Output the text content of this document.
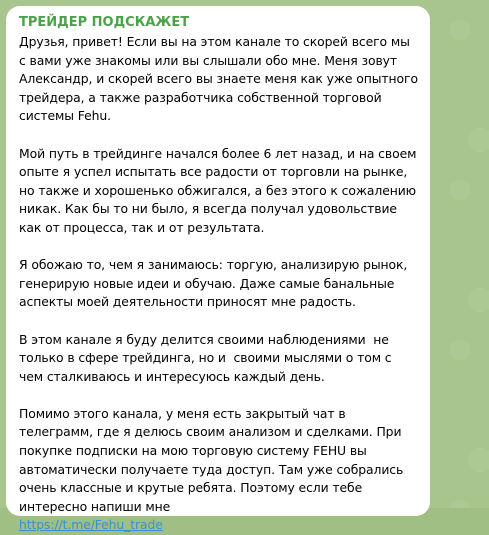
ТРЕЙДЕР ПОДСКАЖЕТ

Друзья, привет! Если вы на этом канале то скорей всего мы с вами уже знакомы или вы слышали обо мне. Меня зовут Александр, и скорей всего вы знаете меня как уже опытного трейдера, а также разработчика собственной торговой системы Fehu.

Мой путь в трейдинге начался более 6 лет назад, и на своем опыте я успел испытать все радости от торговли на рынке, но также и хорошенько обжигался, а без этого к сожалению никак. Как бы то ни было, я всегда получал удовольствие как от процесса, так и от результата.

Я обожаю то, чем я занимаюсь: торгую, анализирую рынок, генерирую новые идеи и обучаю. Даже самые банальные аспекты моей деятельности приносят мне радость.

В этом канале я буду делится своими наблюдениями  не только в сфере трейдинга, но и  своими мыслями о том с чем сталкиваюсь и интересуюсь каждый день.

Помимо этого канала, у меня есть закрытый чат в телеграмм, где я делюсь своим анализом и сделками. При покупке подписки на мою торговую систему FEHU вы автоматически получаете туда доступ. Там уже собрались очень классные и крутые ребята. Поэтому если тебе интересно напиши мне
https://t.me/Fehu_trade
